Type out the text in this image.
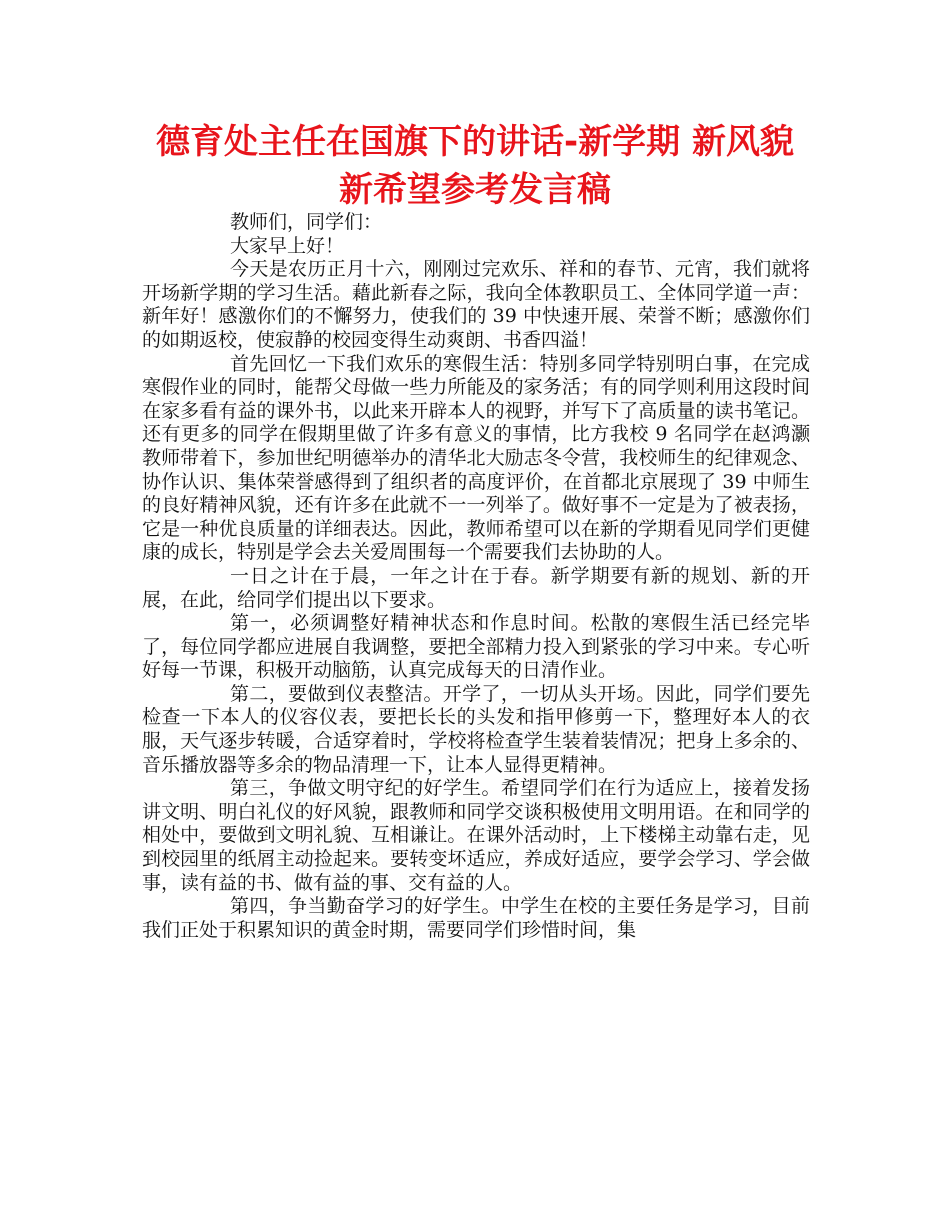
德育处主任在国旗下的讲话-新学期 新风貌
新希望参考发言稿

教师们，同学们：

大家早上好！

今天是农历正月十六，刚刚过完欢乐、祥和的春节、元宵，我们就将开场新学期的学习生活。藉此新春之际，我向全体教职员工、全体同学道一声：新年好！感激你们的不懈努力，使我们的 39 中快速开展、荣誉不断；感激你们的如期返校，使寂静的校园变得生动爽朗、书香四溢！

首先回忆一下我们欢乐的寒假生活：特别多同学特别明白事，在完成寒假作业的同时，能帮父母做一些力所能及的家务活；有的同学则利用这段时间在家多看有益的课外书，以此来开辟本人的视野，并写下了高质量的读书笔记。还有更多的同学在假期里做了许多有意义的事情，比方我校 9 名同学在赵鸿灏教师带着下，参加世纪明德举办的清华北大励志冬令营，我校师生的纪律观念、协作认识、集体荣誉感得到了组织者的高度评价，在首都北京展现了 39 中师生的良好精神风貌，还有许多在此就不一一列举了。做好事不一定是为了被表扬，它是一种优良质量的详细表达。因此，教师希望可以在新的学期看见同学们更健康的成长，特别是学会去关爱周围每一个需要我们去协助的人。

一日之计在于晨，一年之计在于春。新学期要有新的规划、新的开展，在此，给同学们提出以下要求。

第一，必须调整好精神状态和作息时间。松散的寒假生活已经完毕了，每位同学都应进展自我调整，要把全部精力投入到紧张的学习中来。专心听好每一节课，积极开动脑筋，认真完成每天的日清作业。

第二，要做到仪表整洁。开学了，一切从头开场。因此，同学们要先检查一下本人的仪容仪表，要把长长的头发和指甲修剪一下，整理好本人的衣服，天气逐步转暖，合适穿着时，学校将检查学生装着装情况；把身上多余的、音乐播放器等多余的物品清理一下，让本人显得更精神。

第三，争做文明守纪的好学生。希望同学们在行为适应上，接着发扬讲文明、明白礼仪的好风貌，跟教师和同学交谈积极使用文明用语。在和同学的相处中，要做到文明礼貌、互相谦让。在课外活动时，上下楼梯主动靠右走，见到校园里的纸屑主动捡起来。要转变坏适应，养成好适应，要学会学习、学会做事，读有益的书、做有益的事、交有益的人。

第四，争当勤奋学习的好学生。中学生在校的主要任务是学习，目前我们正处于积累知识的黄金时期，需要同学们珍惜时间，集
